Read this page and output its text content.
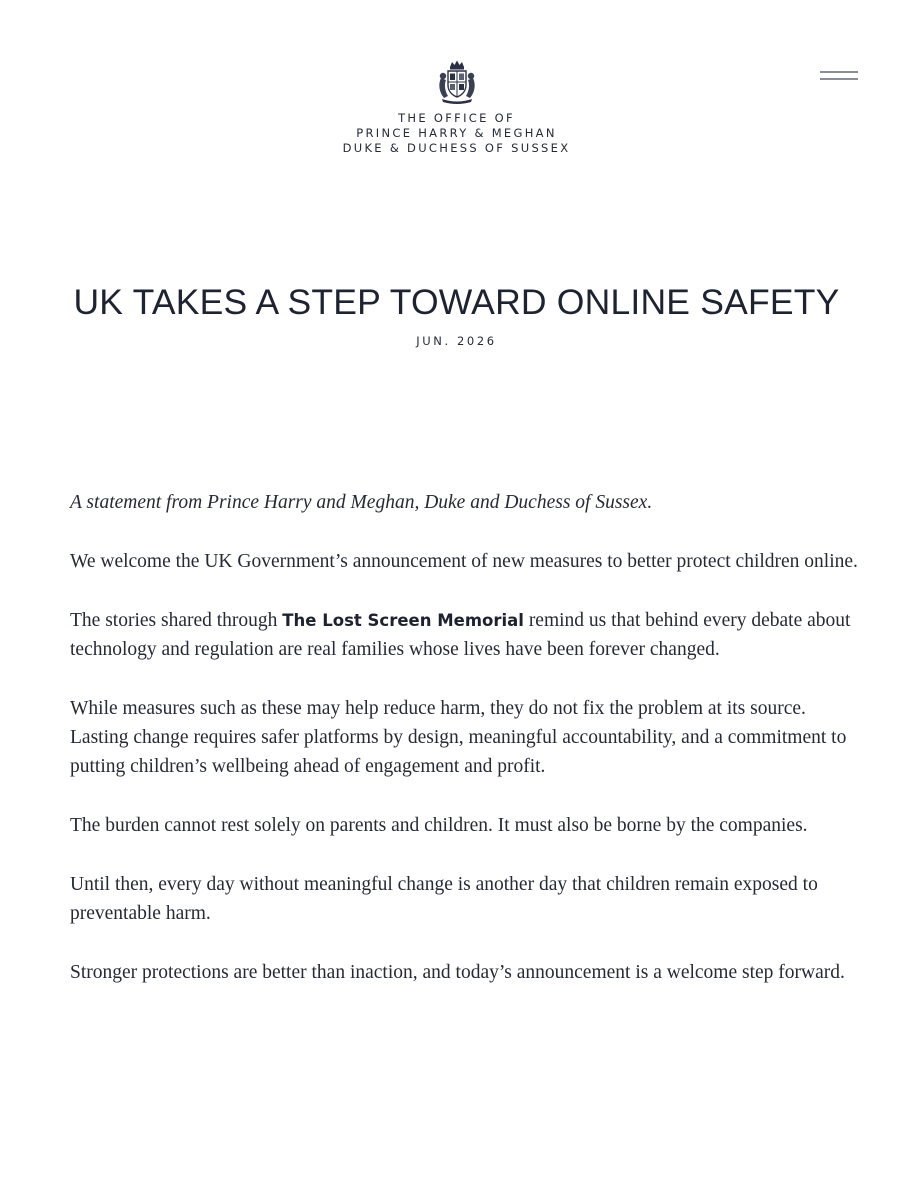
THE OFFICE OF
PRINCE HARRY & MEGHAN
DUKE & DUCHESS OF SUSSEX
UK TAKES A STEP TOWARD ONLINE SAFETY
JUN. 2026

A statement from Prince Harry and Meghan, Duke and Duchess of Sussex.

We welcome the UK Government’s announcement of new measures to better protect children online.

The stories shared through The Lost Screen Memorial remind us that behind every debate about technology and regulation are real families whose lives have been forever changed.

While measures such as these may help reduce harm, they do not fix the problem at its source. Lasting change requires safer platforms by design, meaningful accountability, and a commitment to putting children’s wellbeing ahead of engagement and profit.

The burden cannot rest solely on parents and children. It must also be borne by the companies.

Until then, every day without meaningful change is another day that children remain exposed to preventable harm.

Stronger protections are better than inaction, and today’s announcement is a welcome step forward.
